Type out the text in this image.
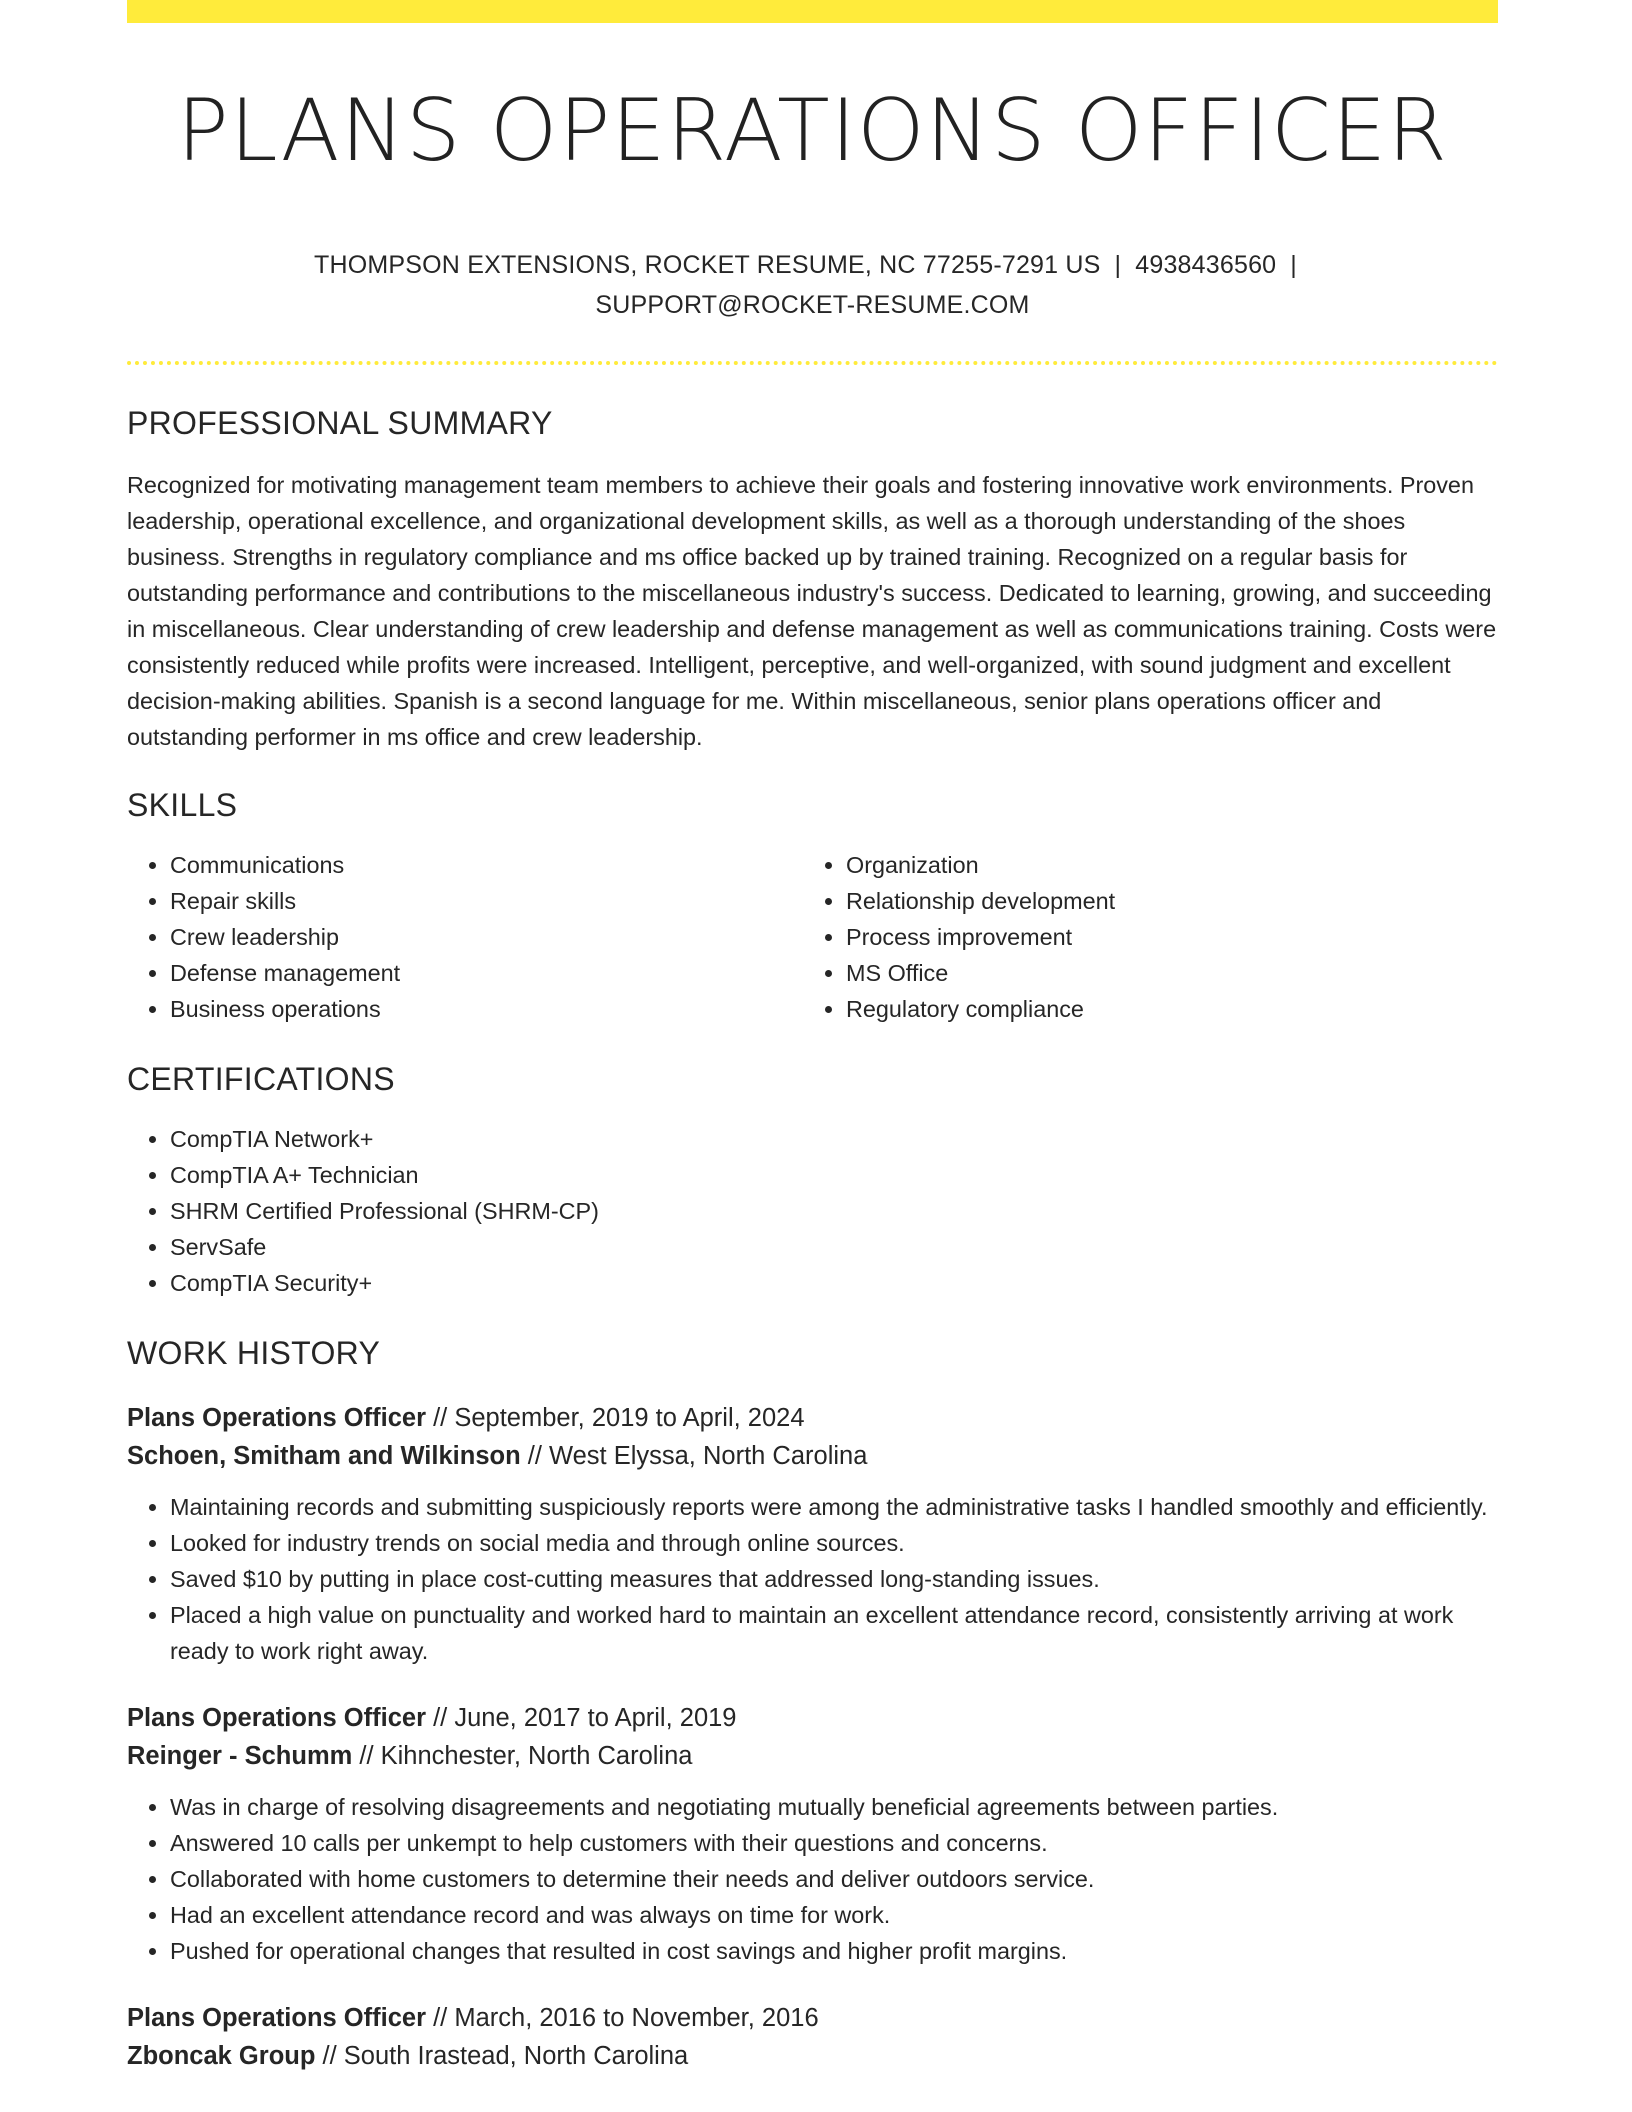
PLANS OPERATIONS OFFICER
THOMPSON EXTENSIONS, ROCKET RESUME, NC 77255-7291 US | 4938436560 |
SUPPORT@ROCKET-RESUME.COM
PROFESSIONAL SUMMARY

Recognized for motivating management team members to achieve their goals and fostering innovative work environments. Proven leadership, operational excellence, and organizational development skills, as well as a thorough understanding of the shoes business. Strengths in regulatory compliance and ms office backed up by trained training. Recognized on a regular basis for outstanding performance and contributions to the miscellaneous industry's success. Dedicated to learning, growing, and succeeding in miscellaneous. Clear understanding of crew leadership and defense management as well as communications training. Costs were consistently reduced while profits were increased. Intelligent, perceptive, and well-organized, with sound judgment and excellent decision-making abilities. Spanish is a second language for me. Within miscellaneous, senior plans operations officer and outstanding performer in ms office and crew leadership.

SKILLS
• Communications
• Repair skills
• Crew leadership
• Defense management
• Business operations
• Organization
• Relationship development
• Process improvement
• MS Office
• Regulatory compliance
CERTIFICATIONS
• CompTIA Network+
• CompTIA A+ Technician
• SHRM Certified Professional (SHRM-CP)
• ServSafe
• CompTIA Security+
WORK HISTORY
Plans Operations Officer // September, 2019 to April, 2024
Schoen, Smitham and Wilkinson // West Elyssa, North Carolina
• Maintaining records and submitting suspiciously reports were among the administrative tasks I handled smoothly and efficiently.
• Looked for industry trends on social media and through online sources.
• Saved $10 by putting in place cost-cutting measures that addressed long-standing issues.
• Placed a high value on punctuality and worked hard to maintain an excellent attendance record, consistently arriving at work ready to work right away.
Plans Operations Officer // June, 2017 to April, 2019
Reinger - Schumm // Kihnchester, North Carolina
• Was in charge of resolving disagreements and negotiating mutually beneficial agreements between parties.
• Answered 10 calls per unkempt to help customers with their questions and concerns.
• Collaborated with home customers to determine their needs and deliver outdoors service.
• Had an excellent attendance record and was always on time for work.
• Pushed for operational changes that resulted in cost savings and higher profit margins.
Plans Operations Officer // March, 2016 to November, 2016
Zboncak Group // South Irastead, North Carolina
